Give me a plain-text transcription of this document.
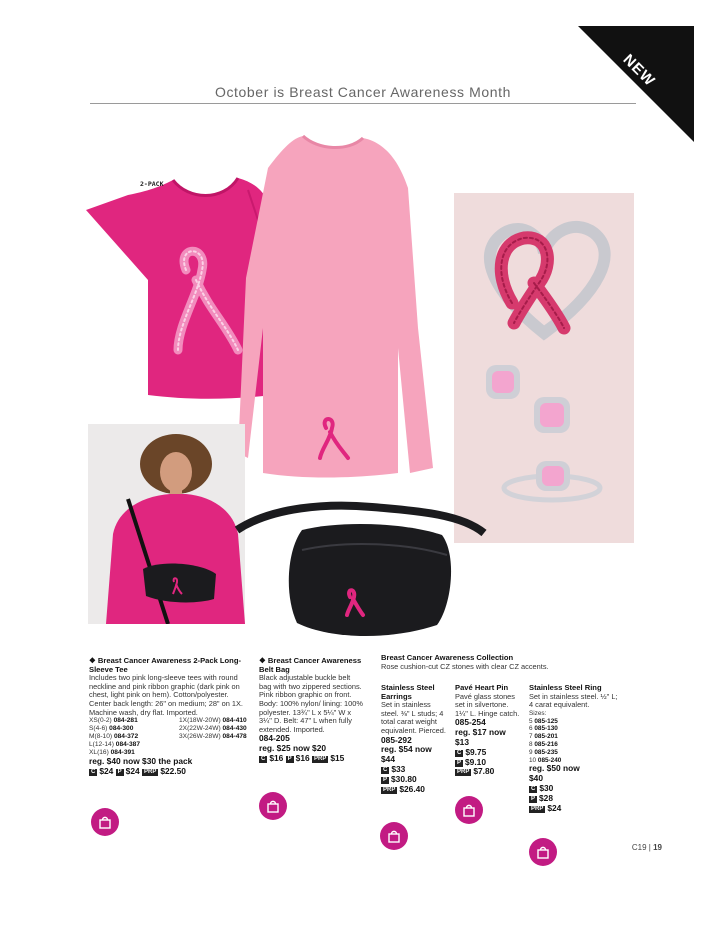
NEW
October is Breast Cancer Awareness Month
2-PACK
❖ Breast Cancer Awareness 2-Pack Long-Sleeve Tee
Includes two pink long-sleeve tees with round neckline and pink ribbon graphic (dark pink on chest, light pink on hem). Cotton/polyester. Center back length: 26" on medium; 28" on 1X. Machine wash, dry flat. Imported.
XS(0-2) 084-281	1X(18W-20W) 084-410
S(4-6) 084-300	2X(22W-24W) 084-430
M(8-10) 084-372	3X(26W-28W) 084-478
L(12-14) 084-387
XL(16) 084-391
reg. $40 now $30 the pack
C $24 P $24 PRP $22.50
❖ Breast Cancer Awareness Belt Bag
Black adjustable buckle belt bag with two zippered sections. Pink ribbon graphic on front. Body: 100% nylon/ lining: 100% polyester. 13¾" L x 5¼" W x 3¼" D. Belt: 47" L when fully extended. Imported.
084-205
reg. $25 now $20
C $16 P $16 PRP $15
Breast Cancer Awareness Collection
Rose cushion-cut CZ stones with clear CZ accents.
Stainless Steel Earrings
Set in stainless steel. ⅜" L studs; 4 total carat weight equivalent. Pierced.
085-292
reg. $54 now $44
C $33
P $30.80
PRP $26.40
Pavé Heart Pin
Pavé glass stones set in silvertone. 1¼" L. Hinge catch.
085-254
reg. $17 now $13
C $9.75
P $9.10
PRP $7.80
Stainless Steel Ring
Set in stainless steel. ½" L; 4 carat equivalent.
Sizes:
5 085-125
6 085-130
7 085-201
8 085-216
9 085-235
10 085-240
reg. $50 now $40
C $30
P $28
PRP $24
C19 | 19
